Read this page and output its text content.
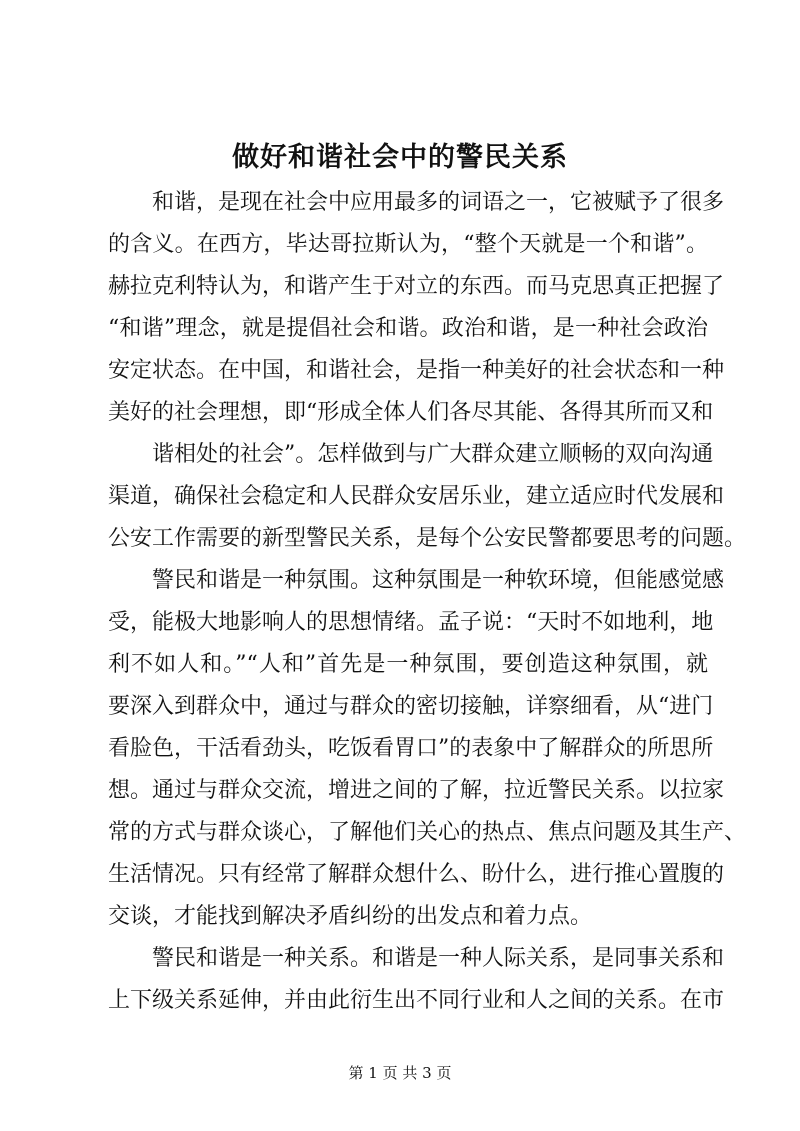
做好和谐社会中的警民关系
和谐，是现在社会中应用最多的词语之一，它被赋予了很多
的含义。在西方，毕达哥拉斯认为，“整个天就是一个和谐”。
赫拉克利特认为，和谐产生于对立的东西。而马克思真正把握了
“和谐”理念，就是提倡社会和谐。政治和谐，是一种社会政治
安定状态。在中国，和谐社会，是指一种美好的社会状态和一种
美好的社会理想，即“形成全体人们各尽其能、各得其所而又和
谐相处的社会”。怎样做到与广大群众建立顺畅的双向沟通
渠道，确保社会稳定和人民群众安居乐业，建立适应时代发展和
公安工作需要的新型警民关系，是每个公安民警都要思考的问题。
警民和谐是一种氛围。这种氛围是一种软环境，但能感觉感
受，能极大地影响人的思想情绪。孟子说：“天时不如地利，地
利不如人和。”“人和”首先是一种氛围，要创造这种氛围，就
要深入到群众中，通过与群众的密切接触，详察细看，从“进门
看脸色，干活看劲头，吃饭看胃口”的表象中了解群众的所思所
想。通过与群众交流，增进之间的了解，拉近警民关系。以拉家
常的方式与群众谈心，了解他们关心的热点、焦点问题及其生产、
生活情况。只有经常了解群众想什么、盼什么，进行推心置腹的
交谈，才能找到解决矛盾纠纷的出发点和着力点。
警民和谐是一种关系。和谐是一种人际关系，是同事关系和
上下级关系延伸，并由此衍生出不同行业和人之间的关系。在市
第 1 页 共 3 页
